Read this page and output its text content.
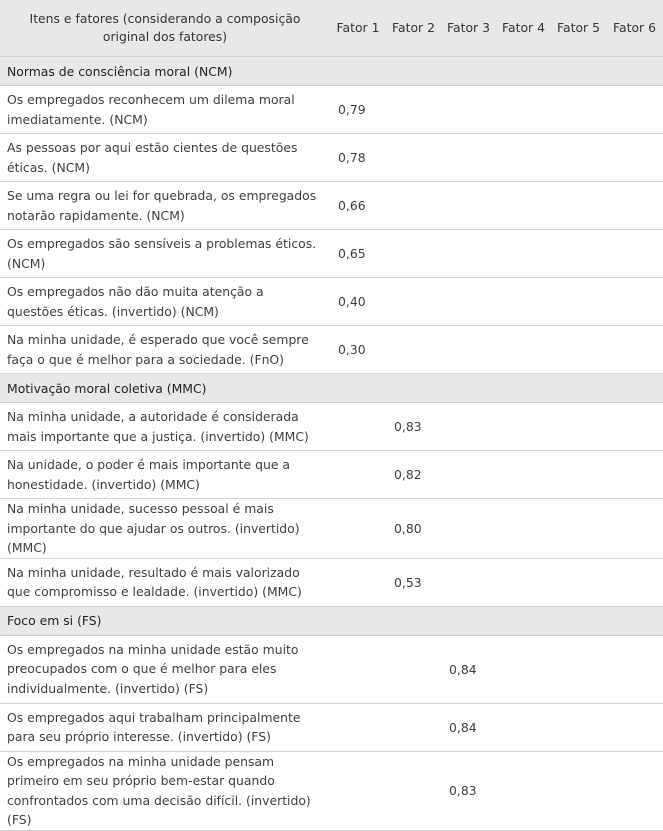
Itens e fatores (considerando a composição original dos fatores)	Fator 1	Fator 2	Fator 3	Fator 4	Fator 5	Fator 6
Normas de consciência moral (NCM)						
Os empregados reconhecem um dilema moral imediatamente. (NCM)	0,79					
As pessoas por aqui estão cientes de questões éticas. (NCM)	0,78					
Se uma regra ou lei for quebrada, os empregados notarão rapidamente. (NCM)	0,66					
Os empregados são sensíveis a problemas éticos. (NCM)	0,65					
Os empregados não dão muita atenção a questões éticas. (invertido) (NCM)	0,40					
Na minha unidade, é esperado que você sempre faça o que é melhor para a sociedade. (FnO)	0,30					
Motivação moral coletiva (MMC)						
Na minha unidade, a autoridade é considerada mais importante que a justiça. (invertido) (MMC)		0,83				
Na unidade, o poder é mais importante que a honestidade. (invertido) (MMC)		0,82				
Na minha unidade, sucesso pessoal é mais importante do que ajudar os outros. (invertido) (MMC)		0,80				
Na minha unidade, resultado é mais valorizado que compromisso e lealdade. (invertido) (MMC)		0,53				
Foco em si (FS)						
Os empregados na minha unidade estão muito preocupados com o que é melhor para eles individualmente. (invertido) (FS)			0,84			
Os empregados aqui trabalham principalmente para seu próprio interesse. (invertido) (FS)			0,84			
Os empregados na minha unidade pensam primeiro em seu próprio bem-estar quando confrontados com uma decisão difícil. (invertido) (FS)			0,83			
